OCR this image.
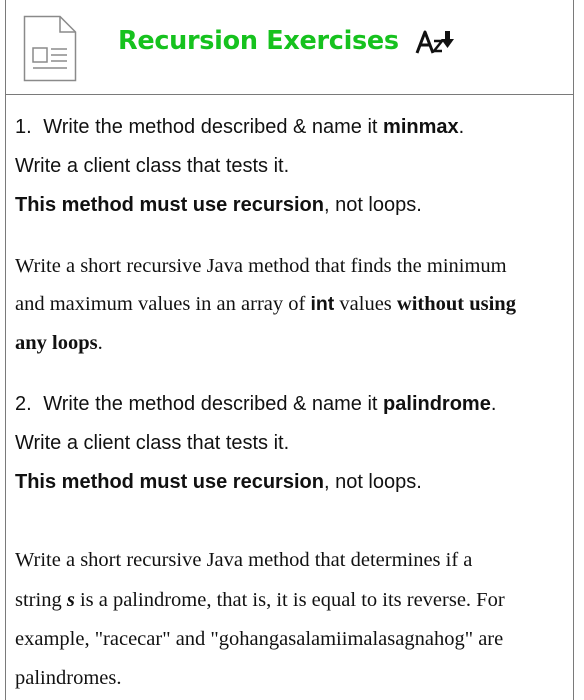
Recursion Exercises
1. Write the method described & name it minmax.
Write a client class that tests it.
This method must use recursion, not loops.
Write a short recursive Java method that finds the minimum
and maximum values in an array of int values without using
any loops.
2. Write the method described & name it palindrome.
Write a client class that tests it.
This method must use recursion, not loops.
Write a short recursive Java method that determines if a
string s is a palindrome, that is, it is equal to its reverse. For
example, "racecar" and "gohangasalamiimalasagnahog" are
palindromes.
